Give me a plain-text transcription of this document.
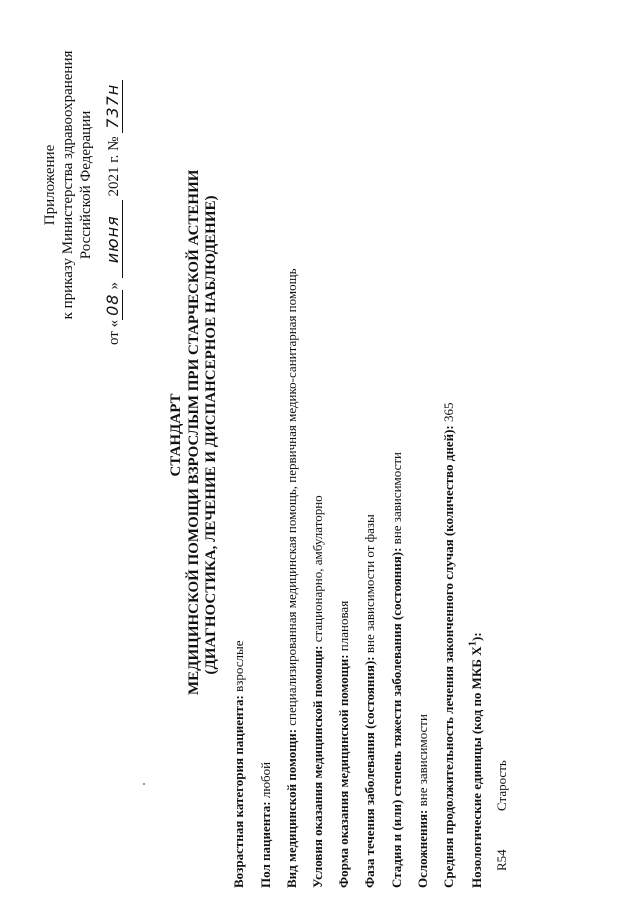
Приложение к приказу Министерства здравоохранения Российской Федерации
от «08» июня 2021 г. № 737н
СТАНДАРТ МЕДИЦИНСКОЙ ПОМОЩИ ВЗРОСЛЫМ ПРИ СТАРЧЕСКОЙ АСТЕНИИ (ДИАГНОСТИКА, ЛЕЧЕНИЕ И ДИСПАНСЕРНОЕ НАБЛЮДЕНИЕ)
Возрастная категория пациента: взрослые
Пол пациента: любой Вид медицинской помощи: специализированная медицинская помощь, первичная медико-санитарная помощь
Условия оказания медицинской помощи: стационарно, амбулаторно
Форма оказания медицинской помощи: плановая
Фаза течения заболевания (состояния): вне зависимости от фазы Стадия и (или) степень тяжести заболевания (состояния): вне зависимости
Осложнения: вне зависимости Средняя продолжительность лечения законченного случая (количество дней): 365
Нозологические единицы (код по МКБ $X^1$):
R54
Старость
